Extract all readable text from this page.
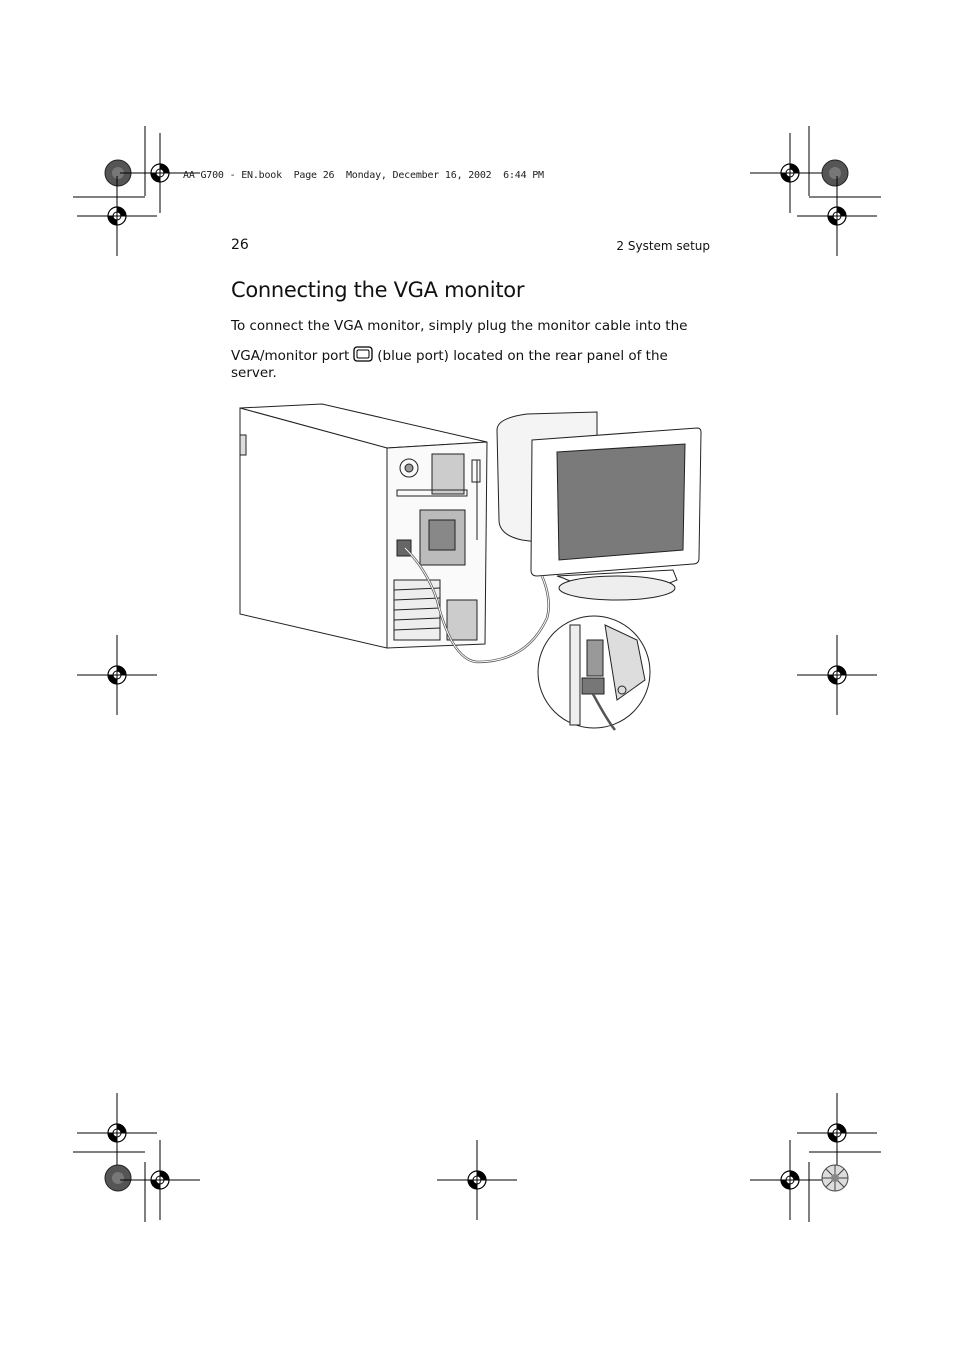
AA G700 - EN.book  Page 26  Monday, December 16, 2002  6:44 PM
26	2 System setup
Connecting the VGA monitor

To connect the VGA monitor, simply plug the monitor cable into the
VGA/monitor port (blue port) located on the rear panel of the
server.
